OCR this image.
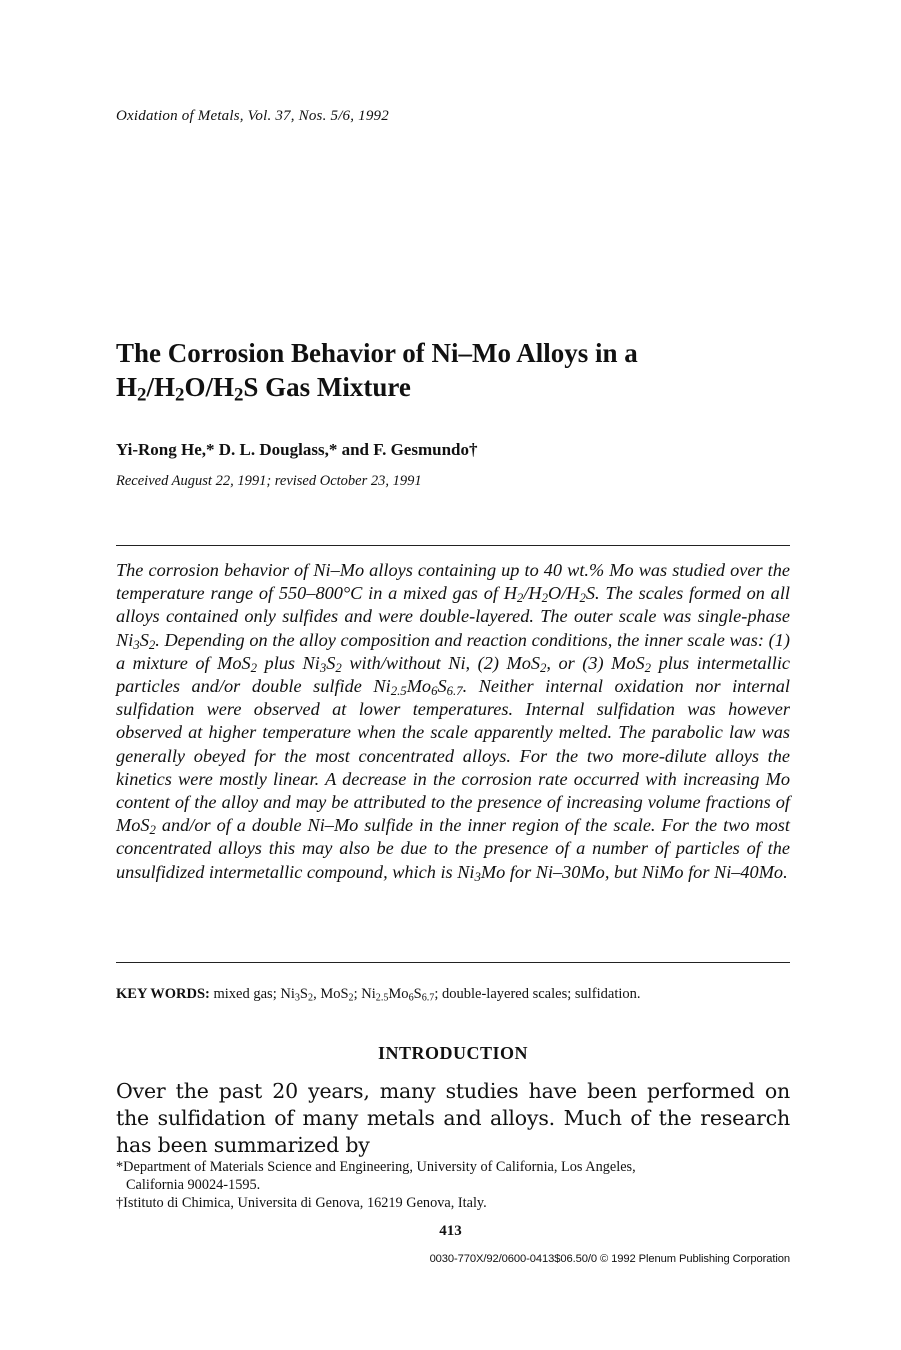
Oxidation of Metals, Vol. 37, Nos. 5/6, 1992
The Corrosion Behavior of Ni–Mo Alloys in a
$H_2/H_2O/H_2S$ Gas Mixture
Yi-Rong He,* D. L. Douglass,* and F. Gesmundo†
Received August 22, 1991; revised October 23, 1991
The corrosion behavior of Ni–Mo alloys containing up to 40 wt.% Mo was studied over the temperature range of 550–800°C in a mixed gas of $H_2/H_2O/H_2S$. The scales formed on all alloys contained only sulfides and were double-layered. The outer scale was single-phase $Ni_3S_2$. Depending on the alloy composition and reaction conditions, the inner scale was: (1) a mixture of MoS$_2$ plus $Ni_3S_2$ with/without Ni, (2) MoS$_2$, or (3) MoS$_2$ plus intermetallic particles and/or double sulfide $Ni_{2.5}Mo_6S_{6.7}$. Neither internal oxidation nor internal sulfidation were observed at lower temperatures. Internal sulfidation was however observed at higher temperature when the scale apparently melted. The parabolic law was generally obeyed for the most concentrated alloys. For the two more-dilute alloys the kinetics were mostly linear. A decrease in the corrosion rate occurred with increasing Mo content of the alloy and may be attributed to the presence of increasing volume fractions of MoS$_2$ and/or of a double Ni–Mo sulfide in the inner region of the scale. For the two most concentrated alloys this may also be due to the presence of a number of particles of the unsulfidized intermetallic compound, which is $Ni_3Mo$ for Ni–30Mo, but NiMo for Ni–40Mo.
KEY WORDS: mixed gas; $Ni_3S_2$, MoS$_2$; $Ni_{2.5}Mo_6S_{6.7}$; double-layered scales; sulfidation.
INTRODUCTION
Over the past 20 years, many studies have been performed on the sulfidation of many metals and alloys. Much of the research has been summarized by
*Department of Materials Science and Engineering, University of California, Los Angeles,
California 90024-1595.
†Istituto di Chimica, Universita di Genova, 16219 Genova, Italy.
413
0030-770X/92/0600-0413$06.50/0 © 1992 Plenum Publishing Corporation
